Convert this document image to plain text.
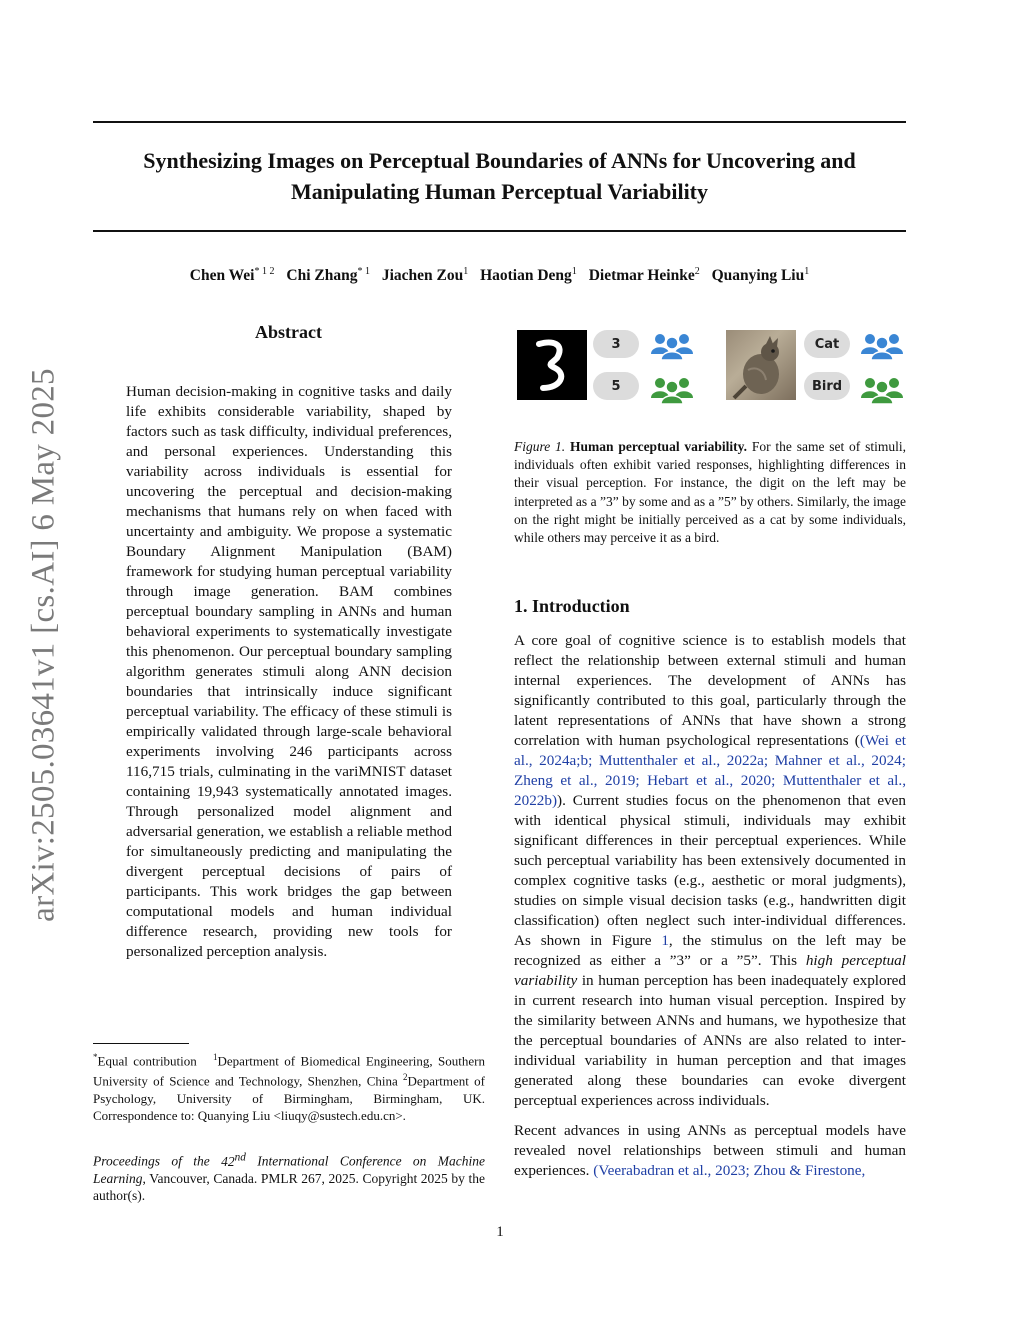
Synthesizing Images on Perceptual Boundaries of ANNs for Uncovering and
Manipulating Human Perceptual Variability
Chen Wei$^{* 1 2}$ Chi Zhang$^{* 1}$ Jiachen Zou$^1$ Haotian Deng$^1$ Dietmar Heinke$^2$ Quanying Liu$^1$
arXiv:2505.03641v1 [cs.AI] 6 May 2025
Abstract
Human decision-making in cognitive tasks and daily life exhibits considerable variability, shaped by factors such as task difficulty, individual preferences, and personal experiences. Understanding this variability across individuals is essential for uncovering the perceptual and decision-making mechanisms that humans rely on when faced with uncertainty and ambiguity. We propose a systematic Boundary Alignment Manipulation (BAM) framework for studying human perceptual variability through image generation. BAM combines perceptual boundary sampling in ANNs and human behavioral experiments to systematically investigate this phenomenon. Our perceptual boundary sampling algorithm generates stimuli along ANN decision boundaries that intrinsically induce significant perceptual variability. The efficacy of these stimuli is empirically validated through large-scale behavioral experiments involving 246 participants across 116,715 trials, culminating in the variMNIST dataset containing 19,943 systematically annotated images. Through personalized model alignment and adversarial generation, we establish a reliable method for simultaneously predicting and manipulating the divergent perceptual decisions of pairs of participants. This work bridges the gap between computational models and human individual difference research, providing new tools for personalized perception analysis.
*Equal contribution $^1$Department of Biomedical Engineering, Southern University of Science and Technology, Shenzhen, China $^2$Department of Psychology, University of Birmingham, Birmingham, UK. Correspondence to: Quanying Liu <liuqy@sustech.edu.cn>.
Proceedings of the 42nd International Conference on Machine Learning, Vancouver, Canada. PMLR 267, 2025. Copyright 2025 by the author(s).
3
5
Cat
Bird
Figure 1. Human perceptual variability. For the same set of stimuli, individuals often exhibit varied responses, highlighting differences in their visual perception. For instance, the digit on the left may be interpreted as a ”3” by some and as a ”5” by others. Similarly, the image on the right might be initially perceived as a cat by some individuals, while others may perceive it as a bird.
1. Introduction

A core goal of cognitive science is to establish models that reflect the relationship between external stimuli and human internal experiences. The development of ANNs has significantly contributed to this goal, particularly through the latent representations of ANNs that have shown a strong correlation with human psychological representations ((Wei et al., 2024a;b; Muttenthaler et al., 2022a; Mahner et al., 2024; Zheng et al., 2019; Hebart et al., 2020; Muttenthaler et al., 2022b)). Current studies focus on the phenomenon that even with identical physical stimuli, individuals may exhibit significant differences in their perceptual experiences. While such perceptual variability has been extensively documented in complex cognitive tasks (e.g., aesthetic or moral judgments), studies on simple visual decision tasks (e.g., handwritten digit classification) often neglect such inter-individual differences. As shown in Figure 1, the stimulus on the left may be recognized as either a ”3” or a ”5”. This high perceptual variability in human perception has been inadequately explored in current research into human visual perception. Inspired by the similarity between ANNs and humans, we hypothesize that the perceptual boundaries of ANNs are also related to inter-individual variability in human perception and that images generated along these boundaries can evoke divergent perceptual experiences across individuals.

Recent advances in using ANNs as perceptual models have revealed novel relationships between stimuli and human experiences. (Veerabadran et al., 2023; Zhou & Firestone,

1
